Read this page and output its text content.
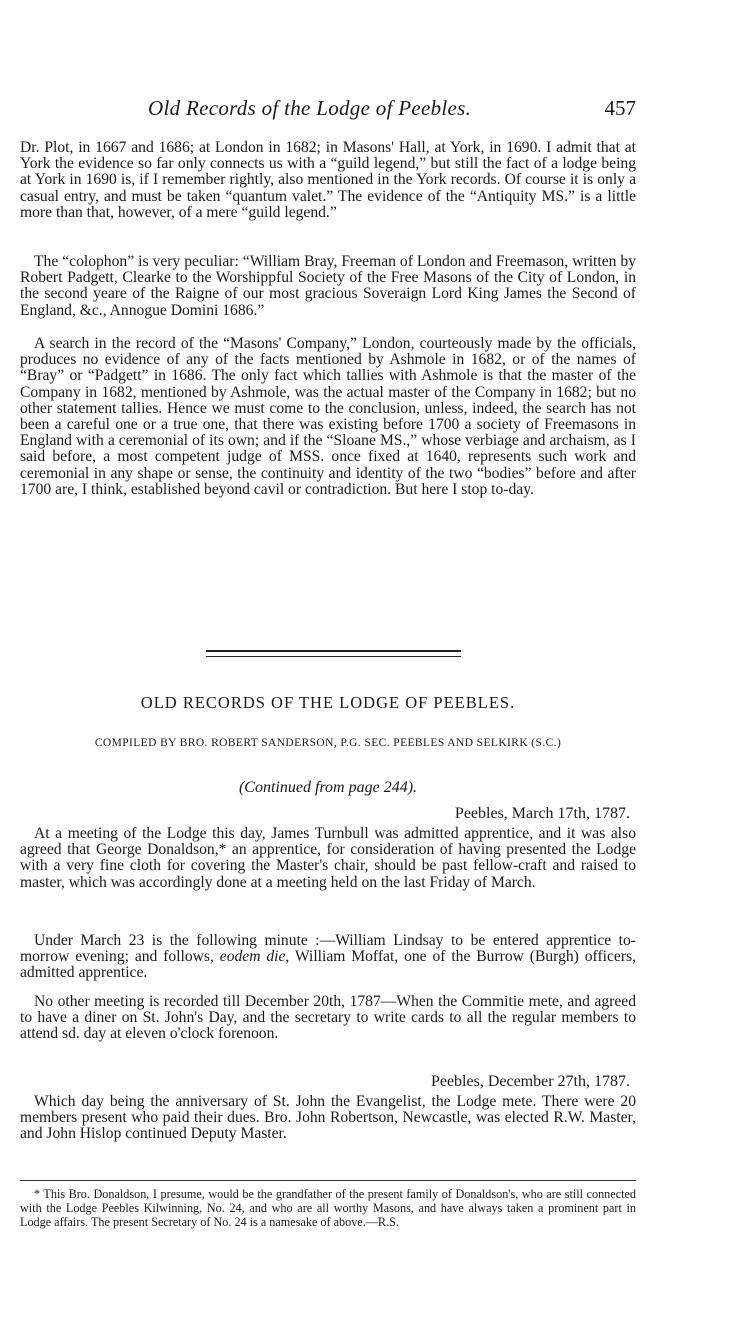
Old Records of the Lodge of Peebles.	457

Dr. Plot, in 1667 and 1686; at London in 1682; in Masons' Hall, at York, in 1690. I admit that at York the evidence so far only connects us with a “guild legend,” but still the fact of a lodge being at York in 1690 is, if I remember rightly, also mentioned in the York records. Of course it is only a casual entry, and must be taken “quantum valet.” The evidence of the “Antiquity MS.” is a little more than that, however, of a mere “guild legend.”

The “colophon” is very peculiar: “William Bray, Freeman of London and Freemason, written by Robert Padgett, Clearke to the Worshippful Society of the Free Masons of the City of London, in the second yeare of the Raigne of our most gracious Soveraign Lord King James the Second of England, &c., Annogue Domini 1686.”

A search in the record of the “Masons' Company,” London, courteously made by the officials, produces no evidence of any of the facts mentioned by Ashmole in 1682, or of the names of “Bray” or “Padgett” in 1686. The only fact which tallies with Ashmole is that the master of the Company in 1682, mentioned by Ashmole, was the actual master of the Company in 1682; but no other statement tallies. Hence we must come to the conclusion, unless, indeed, the search has not been a careful one or a true one, that there was existing before 1700 a society of Freemasons in England with a ceremonial of its own; and if the “Sloane MS.,” whose verbiage and archaism, as I said before, a most competent judge of MSS. once fixed at 1640, represents such work and ceremonial in any shape or sense, the continuity and identity of the two “bodies” before and after 1700 are, I think, established beyond cavil or contradiction. But here I stop to-day.

OLD RECORDS OF THE LODGE OF PEEBLES.
COMPILED BY BRO. ROBERT SANDERSON, P.G. SEC. PEEBLES AND SELKIRK (S.C.)
(Continued from page 244).
Peebles, March 17th, 1787.

At a meeting of the Lodge this day, James Turnbull was admitted apprentice, and it was also agreed that George Donaldson,* an apprentice, for consideration of having presented the Lodge with a very fine cloth for covering the Master's chair, should be past fellow-craft and raised to master, which was accordingly done at a meeting held on the last Friday of March.

Under March 23 is the following minute :—William Lindsay to be entered apprentice to-morrow evening; and follows, eodem die, William Moffat, one of the Burrow (Burgh) officers, admitted apprentice.

No other meeting is recorded till December 20th, 1787—When the Commitie mete, and agreed to have a diner on St. John's Day, and the secretary to write cards to all the regular members to attend sd. day at eleven o'clock forenoon.

Peebles, December 27th, 1787.

Which day being the anniversary of St. John the Evangelist, the Lodge mete. There were 20 members present who paid their dues. Bro. John Robertson, Newcastle, was elected R.W. Master, and John Hislop continued Deputy Master.

* This Bro. Donaldson, I presume, would be the grandfather of the present family of Donaldson's, who are still connected with the Lodge Peebles Kilwinning, No. 24, and who are all worthy Masons, and have always taken a prominent part in Lodge affairs. The present Secretary of No. 24 is a namesake of above.—R.S.
